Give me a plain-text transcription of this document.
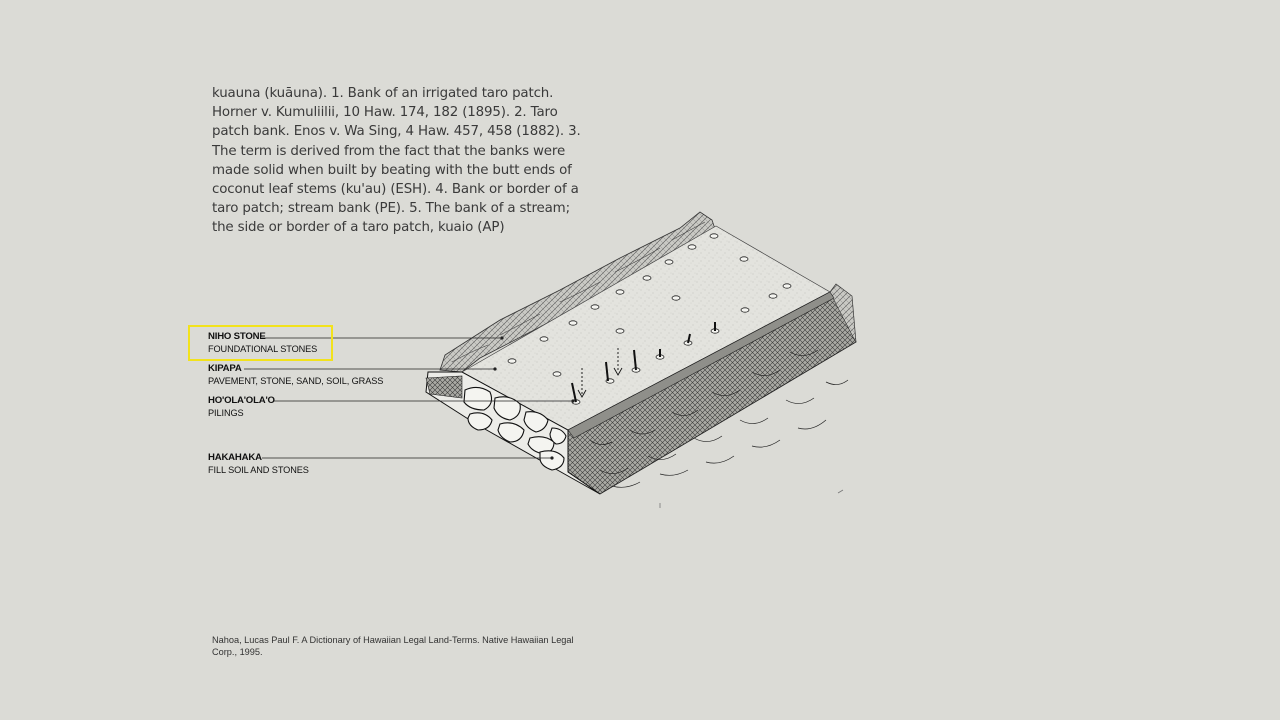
kuauna (kuāuna). 1. Bank of an irrigated taro patch.
Horner v. Kumuliilii, 10 Haw. 174, 182 (1895). 2. Taro
patch bank. Enos v. Wa Sing, 4 Haw. 457, 458 (1882). 3.
The term is derived from the fact that the banks were
made solid when built by beating with the butt ends of
coconut leaf stems (ku'au) (ESH). 4. Bank or border of a
taro patch; stream bank (PE). 5. The bank of a stream;
the side or border of a taro patch, kuaio (AP)
NIHO STONE
FOUNDATIONAL STONES
KIPAPA
PAVEMENT, STONE, SAND, SOIL, GRASS
HO'OLA'OLA'O
PILINGS
HAKAHAKA
FILL SOIL AND STONES
Nahoa, Lucas Paul F. A Dictionary of Hawaiian Legal Land-Terms. Native Hawaiian Legal
Corp., 1995.
